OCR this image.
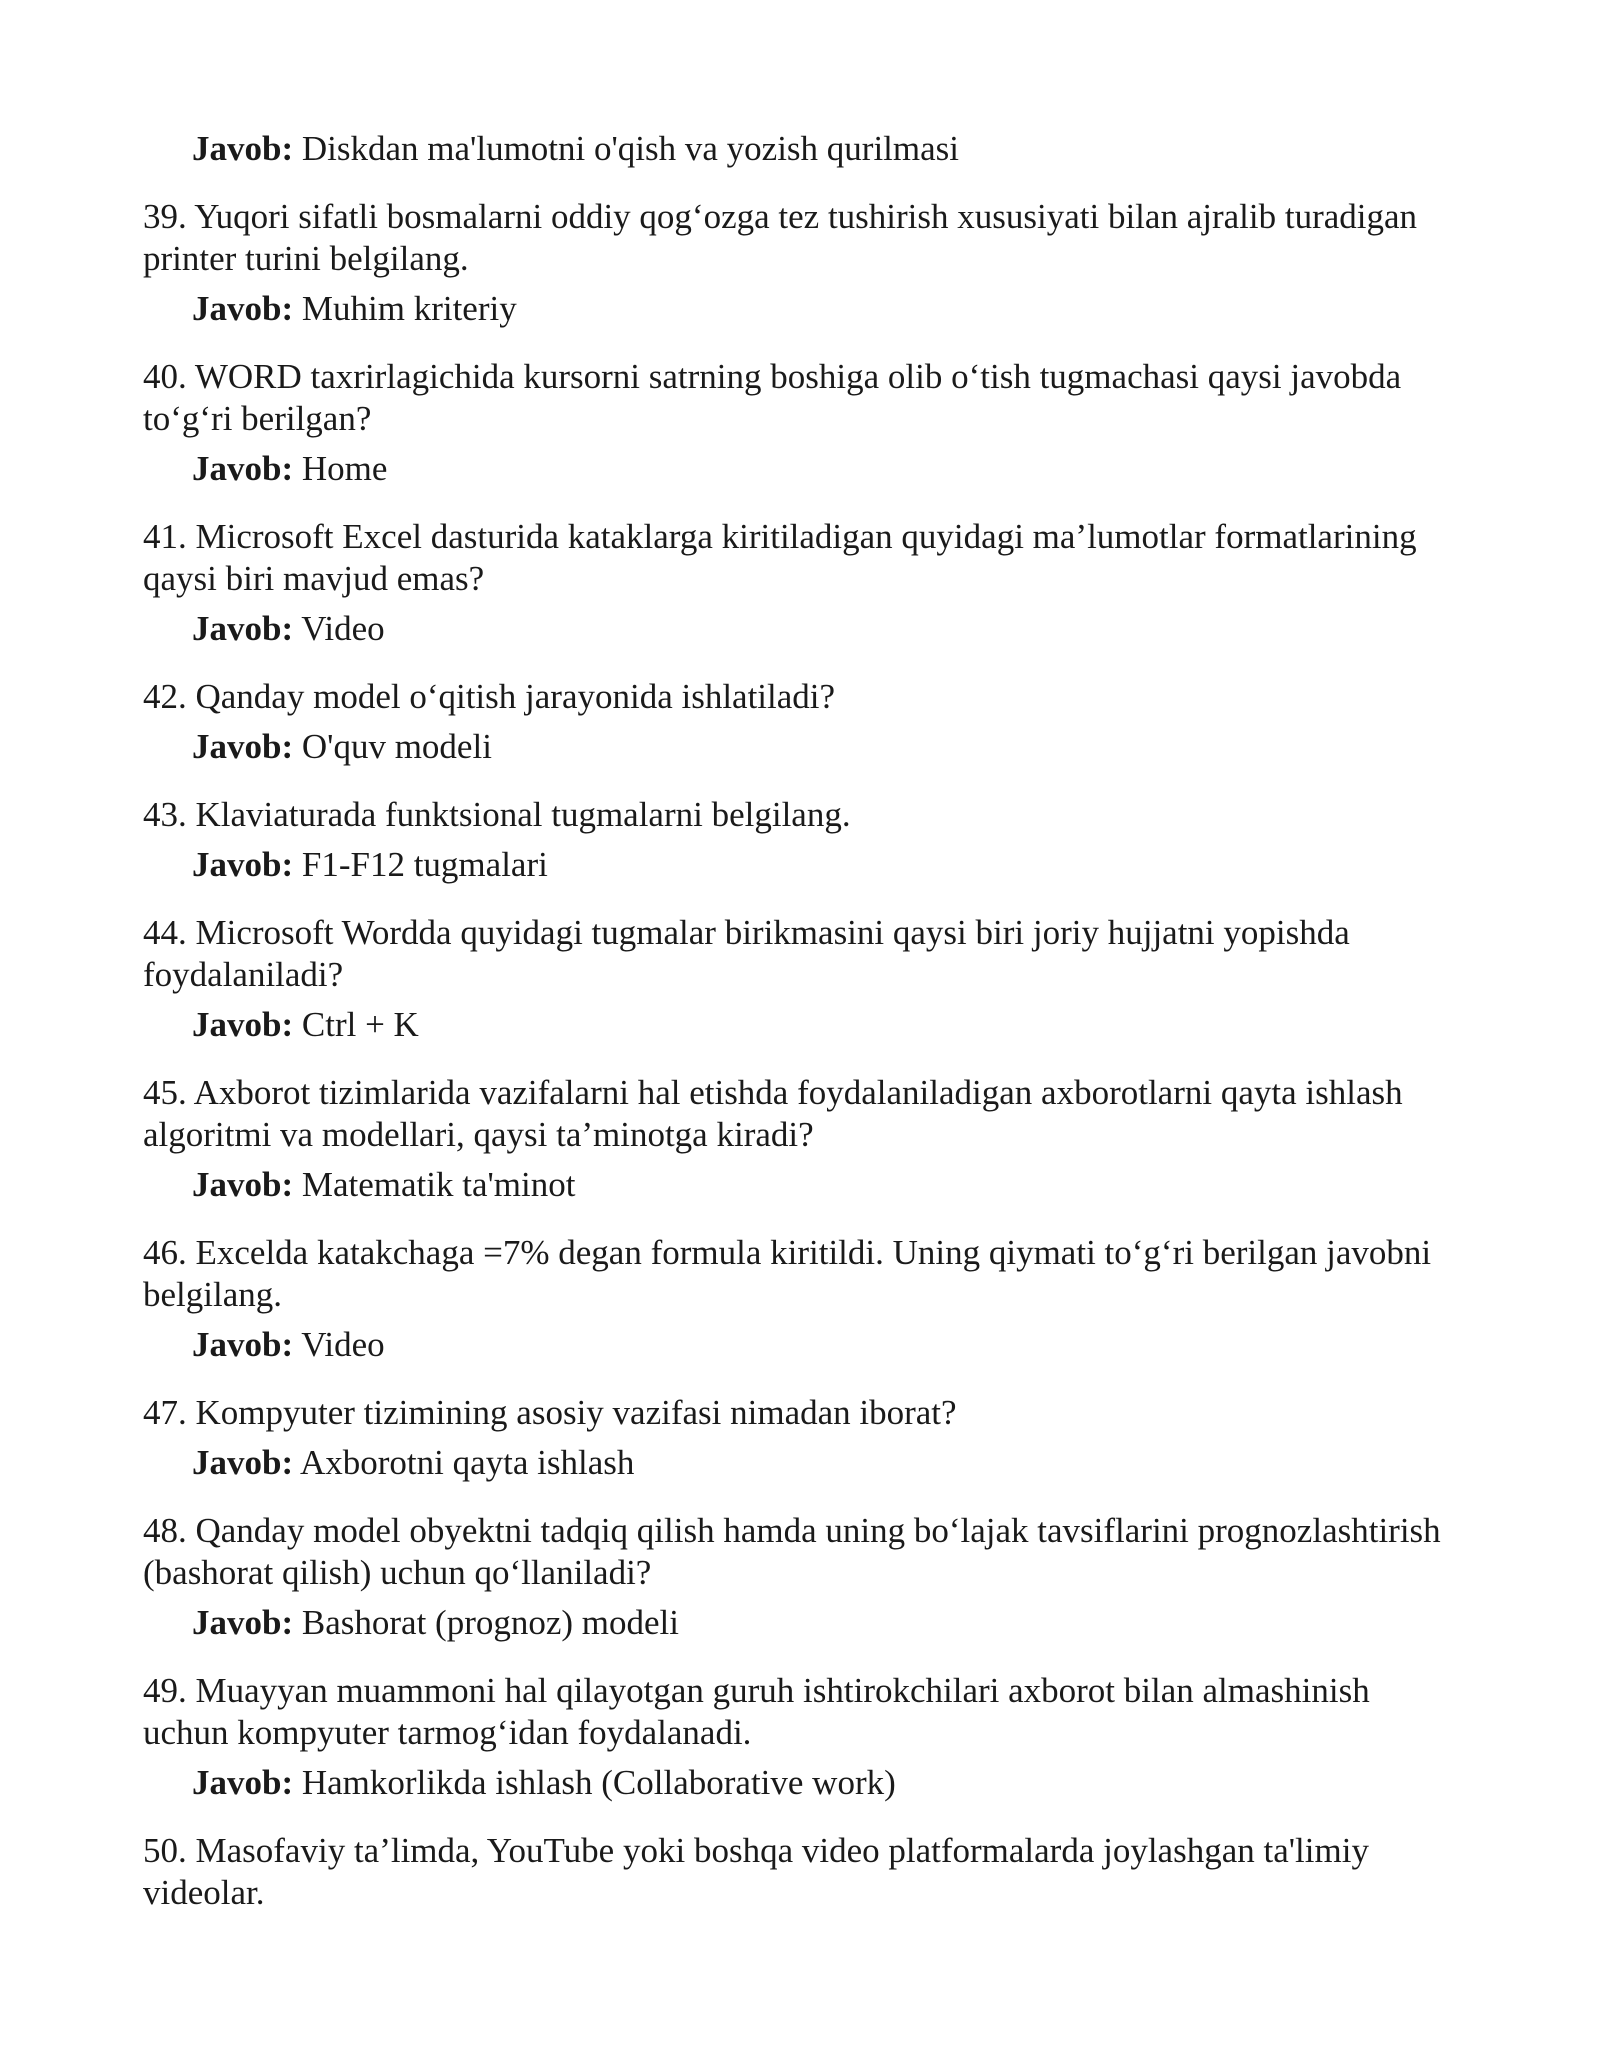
Javob: Diskdan ma'lumotni o'qish va yozish qurilmasi

39. Yuqori sifatli bosmalarni oddiy qog‘ozga tez tushirish xususiyati bilan ajralib turadigan printer turini belgilang.

Javob: Muhim kriteriy

40. WORD taxrirlagichida kursorni satrning boshiga olib o‘tish tugmachasi qaysi javobda to‘g‘ri berilgan?

Javob: Home

41. Microsoft Excel dasturida kataklarga kiritiladigan quyidagi ma’lumotlar formatlarining qaysi biri mavjud emas?

Javob: Video

42. Qanday model o‘qitish jarayonida ishlatiladi?

Javob: O'quv modeli

43. Klaviaturada funktsional tugmalarni belgilang.

Javob: F1-F12 tugmalari

44. Microsoft Wordda quyidagi tugmalar birikmasini qaysi biri joriy hujjatni yopishda foydalaniladi?

Javob: Ctrl + K

45. Axborot tizimlarida vazifalarni hal etishda foydalaniladigan axborotlarni qayta ishlash algoritmi va modellari, qaysi ta’minotga kiradi?

Javob: Matematik ta'minot

46. Excelda katakchaga =7% degan formula kiritildi. Uning qiymati to‘g‘ri berilgan javobni belgilang.

Javob: Video

47. Kompyuter tizimining asosiy vazifasi nimadan iborat?

Javob: Axborotni qayta ishlash

48. Qanday model obyektni tadqiq qilish hamda uning bo‘lajak tavsiflarini prognozlashtirish (bashorat qilish) uchun qo‘llaniladi?

Javob: Bashorat (prognoz) modeli

49. Muayyan muammoni hal qilayotgan guruh ishtirokchilari axborot bilan almashinish uchun kompyuter tarmog‘idan foydalanadi.

Javob: Hamkorlikda ishlash (Collaborative work)

50. Masofaviy ta’limda, YouTube yoki boshqa video platformalarda joylashgan ta'limiy videolar.
